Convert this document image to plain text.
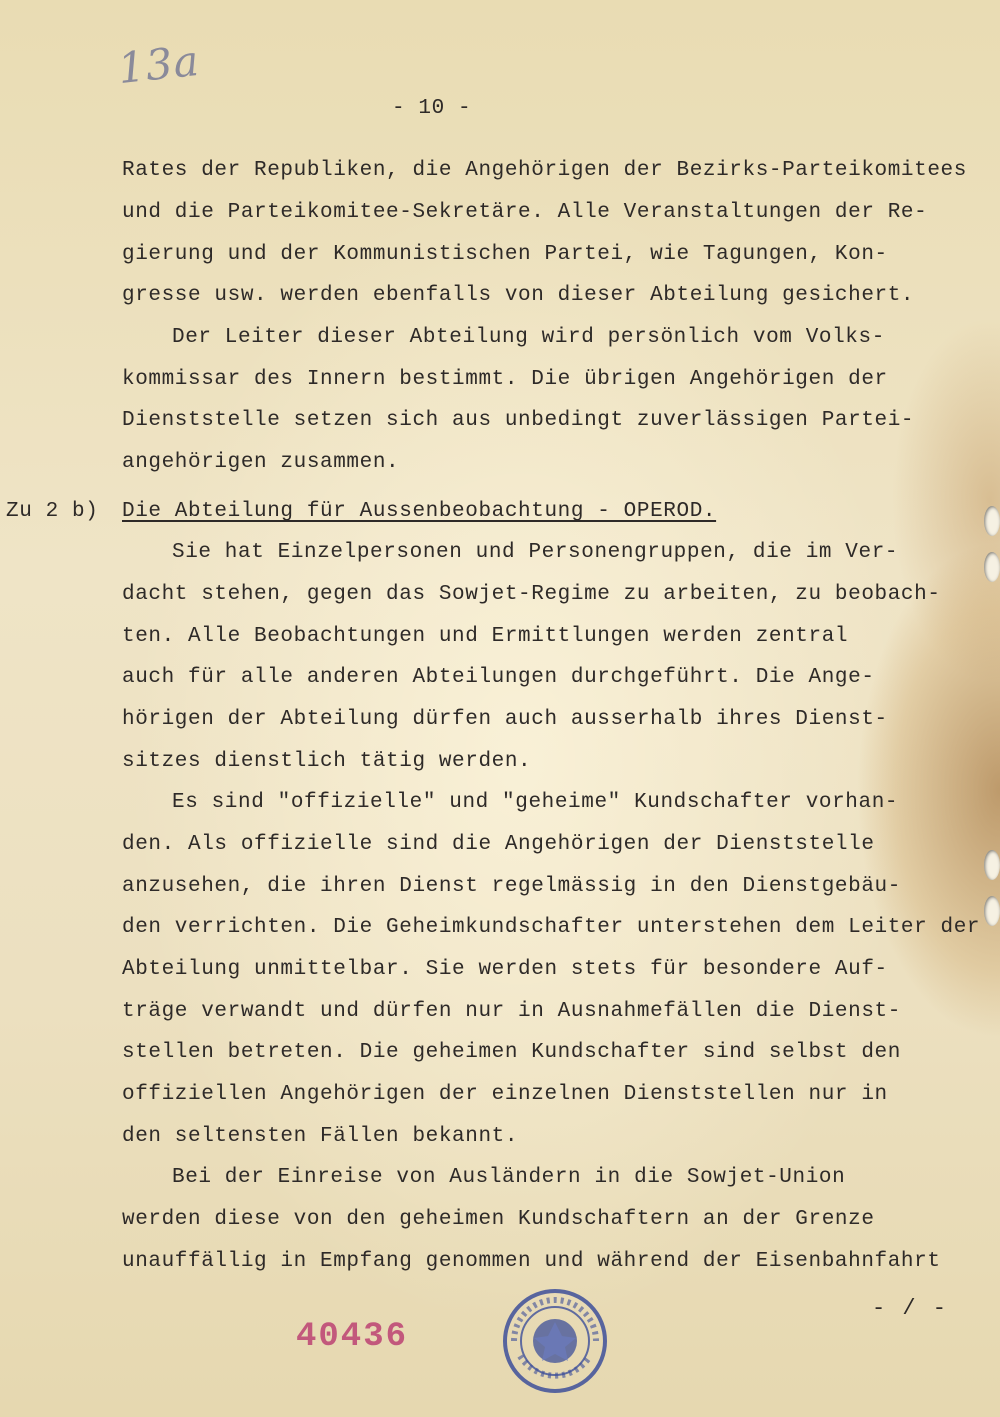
13a
- 10 -
Rates der Republiken, die Angehörigen der Bezirks-Parteikomitees
und die Parteikomitee-Sekretäre. Alle Veranstaltungen der Re-
gierung und der Kommunistischen Partei, wie Tagungen, Kon-
gresse usw. werden ebenfalls von dieser Abteilung gesichert.
Der Leiter dieser Abteilung wird persönlich vom Volks-
kommissar des Innern bestimmt. Die übrigen Angehörigen der
Dienststelle setzen sich aus unbedingt zuverlässigen Partei-
angehörigen zusammen.
Zu 2 b) Die Abteilung für Aussenbeobachtung - OPEROD.
Sie hat Einzelpersonen und Personengruppen, die im Ver-
dacht stehen, gegen das Sowjet-Regime zu arbeiten, zu beobach-
ten. Alle Beobachtungen und Ermittlungen werden zentral
auch für alle anderen Abteilungen durchgeführt. Die Ange-
hörigen der Abteilung dürfen auch ausserhalb ihres Dienst-
sitzes dienstlich tätig werden.
Es sind "offizielle" und "geheime" Kundschafter vorhan-
den. Als offizielle sind die Angehörigen der Dienststelle
anzusehen, die ihren Dienst regelmässig in den Dienstgebäu-
den verrichten. Die Geheimkundschafter unterstehen dem Leiter der
Abteilung unmittelbar. Sie werden stets für besondere Auf-
träge verwandt und dürfen nur in Ausnahmefällen die Dienst-
stellen betreten. Die geheimen Kundschafter sind selbst den
offiziellen Angehörigen der einzelnen Dienststellen nur in
den seltensten Fällen bekannt.
Bei der Einreise von Ausländern in die Sowjet-Union
werden diese von den geheimen Kundschaftern an der Grenze
unauffällig in Empfang genommen und während der Eisenbahnfahrt
- / -
40436
